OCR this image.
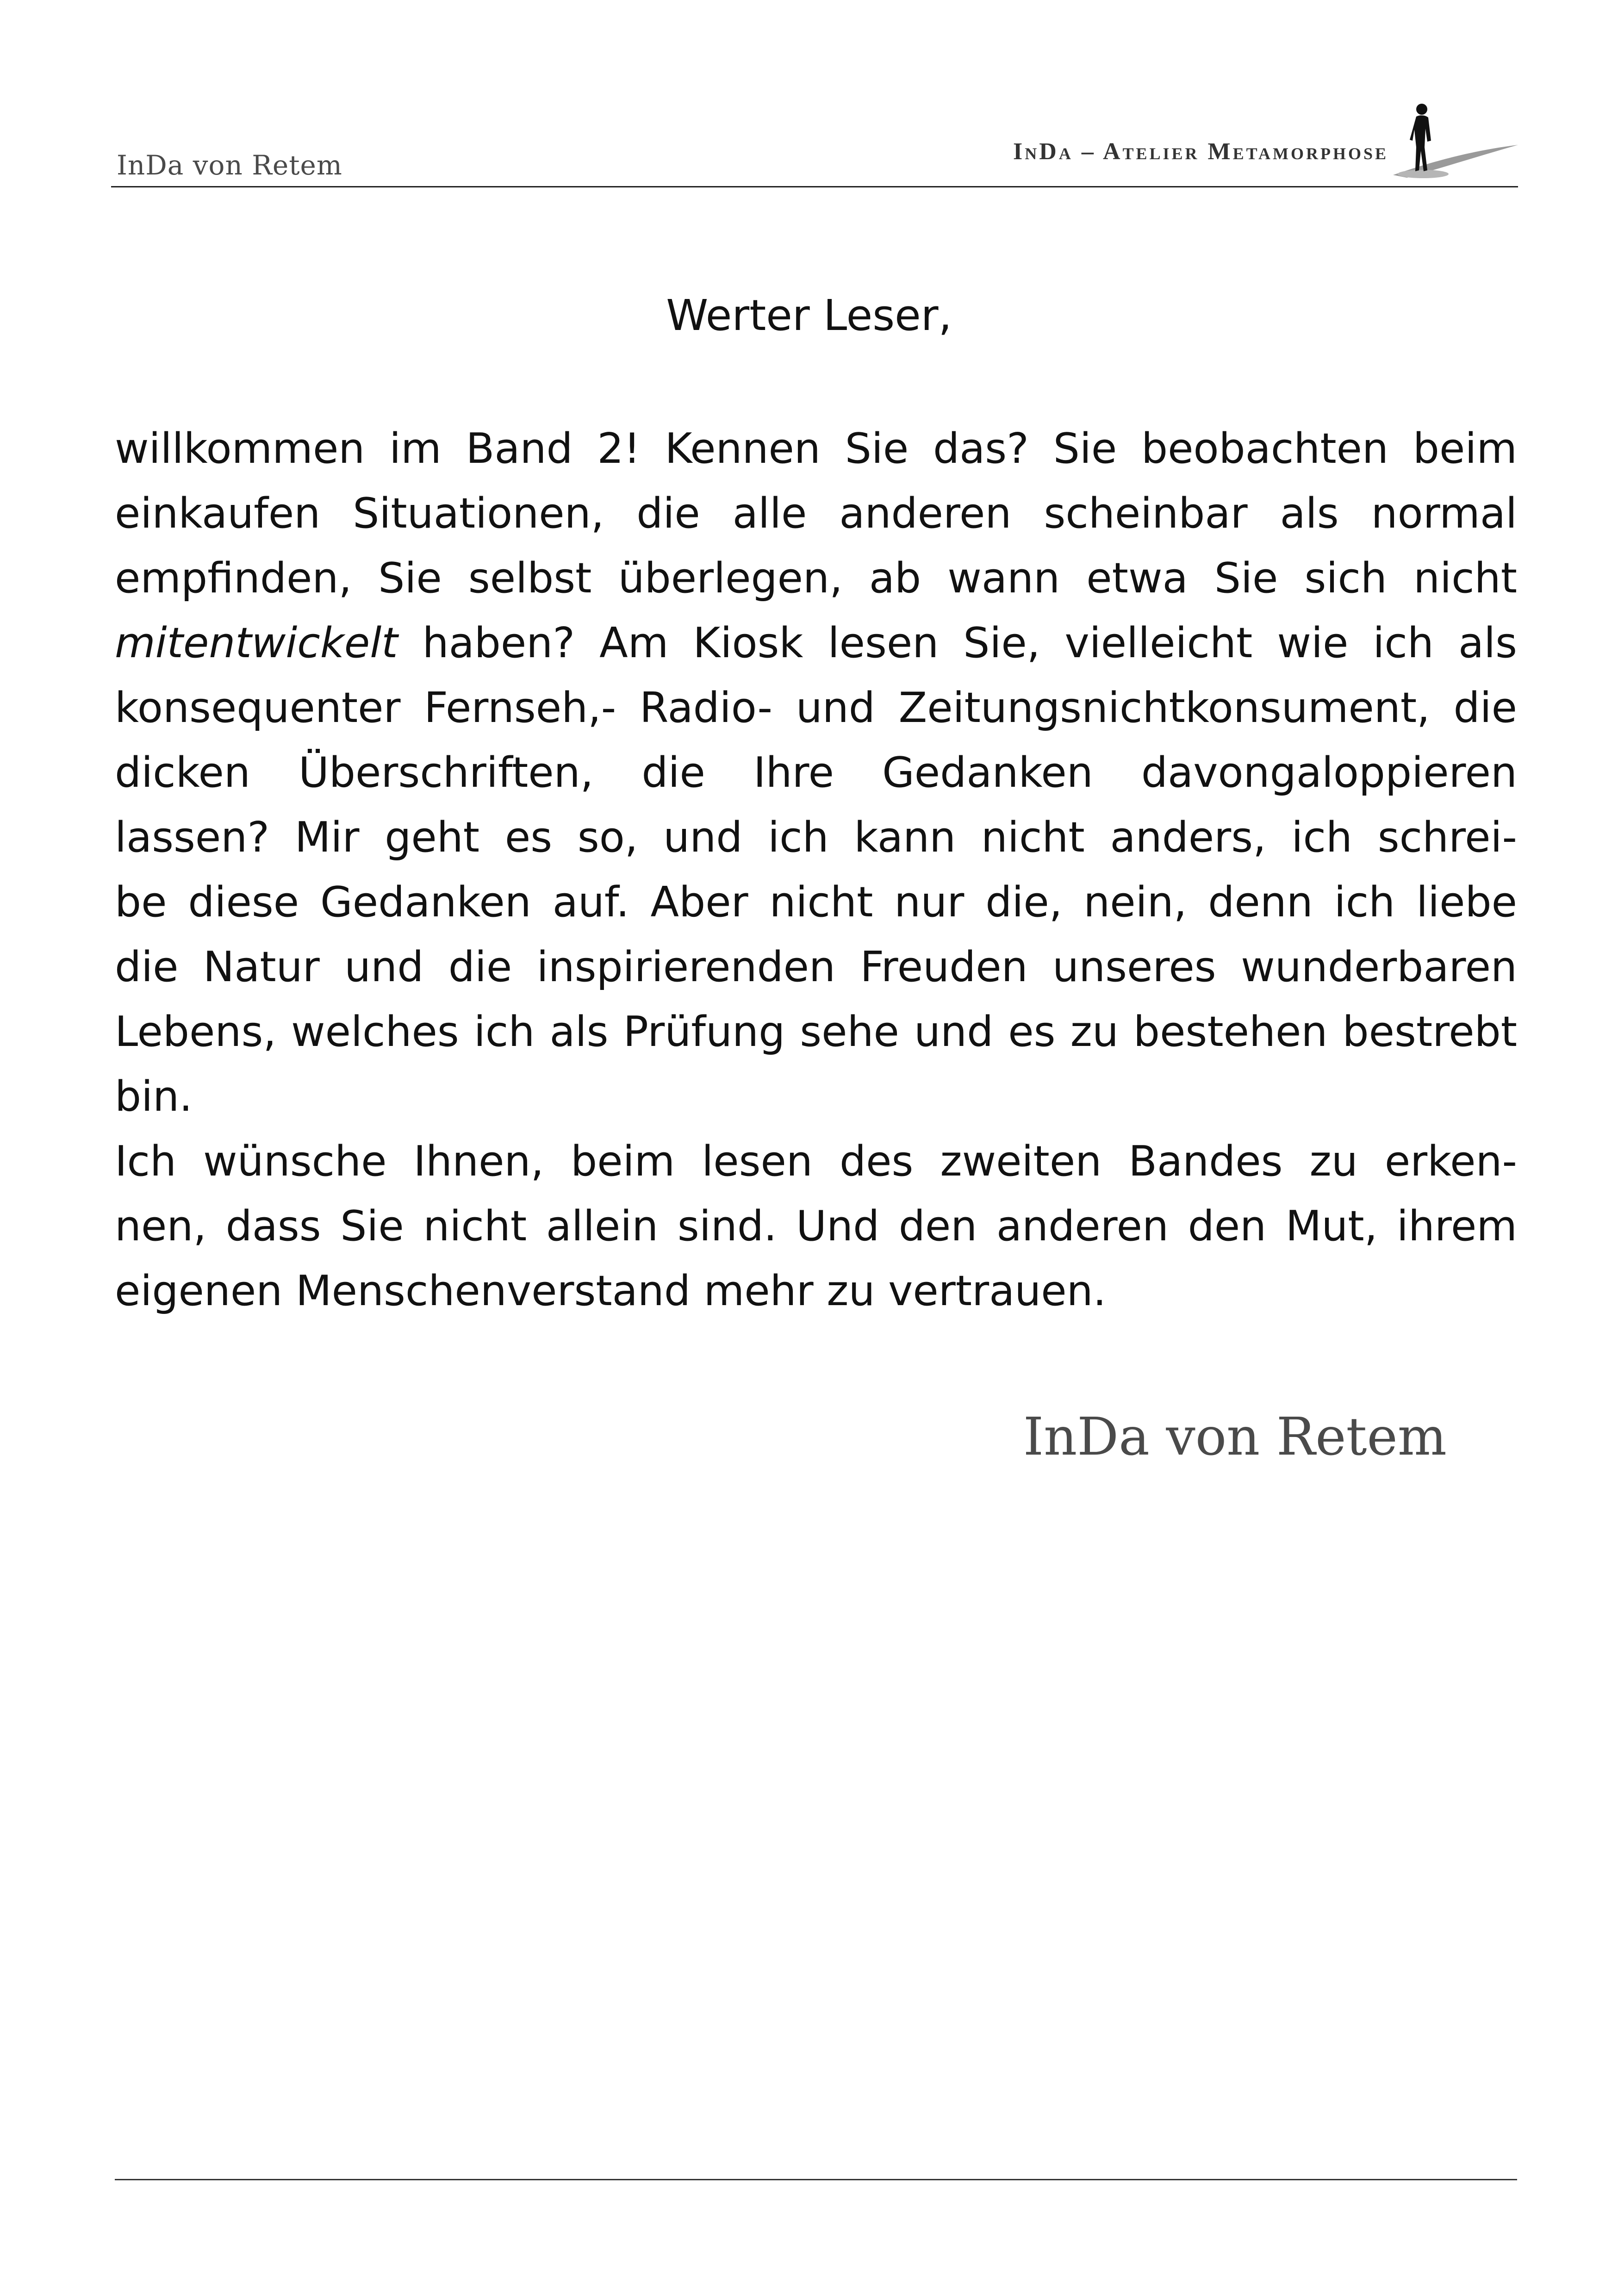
InDa von Retem	InDa – Atelier Metamorphose
Werter Leser,
willkommen im Band 2! Kennen Sie das? Sie beobachten beim
einkaufen Situationen, die alle anderen scheinbar als normal
empfinden, Sie selbst überlegen, ab wann etwa Sie sich nicht
mitentwickelt haben? Am Kiosk lesen Sie, vielleicht wie ich als
konsequenter Fernseh,- Radio- und Zeitungsnichtkonsument, die
dicken Überschriften, die Ihre Gedanken davongaloppieren
lassen? Mir geht es so, und ich kann nicht anders, ich schrei-
be diese Gedanken auf. Aber nicht nur die, nein, denn ich liebe
die Natur und die inspirierenden Freuden unseres wunderbaren
Lebens, welches ich als Prüfung sehe und es zu bestehen bestrebt
bin.
Ich wünsche Ihnen, beim lesen des zweiten Bandes zu erken-
nen, dass Sie nicht allein sind. Und den anderen den Mut, ihrem
eigenen Menschenverstand mehr zu vertrauen.
InDa von Retem
